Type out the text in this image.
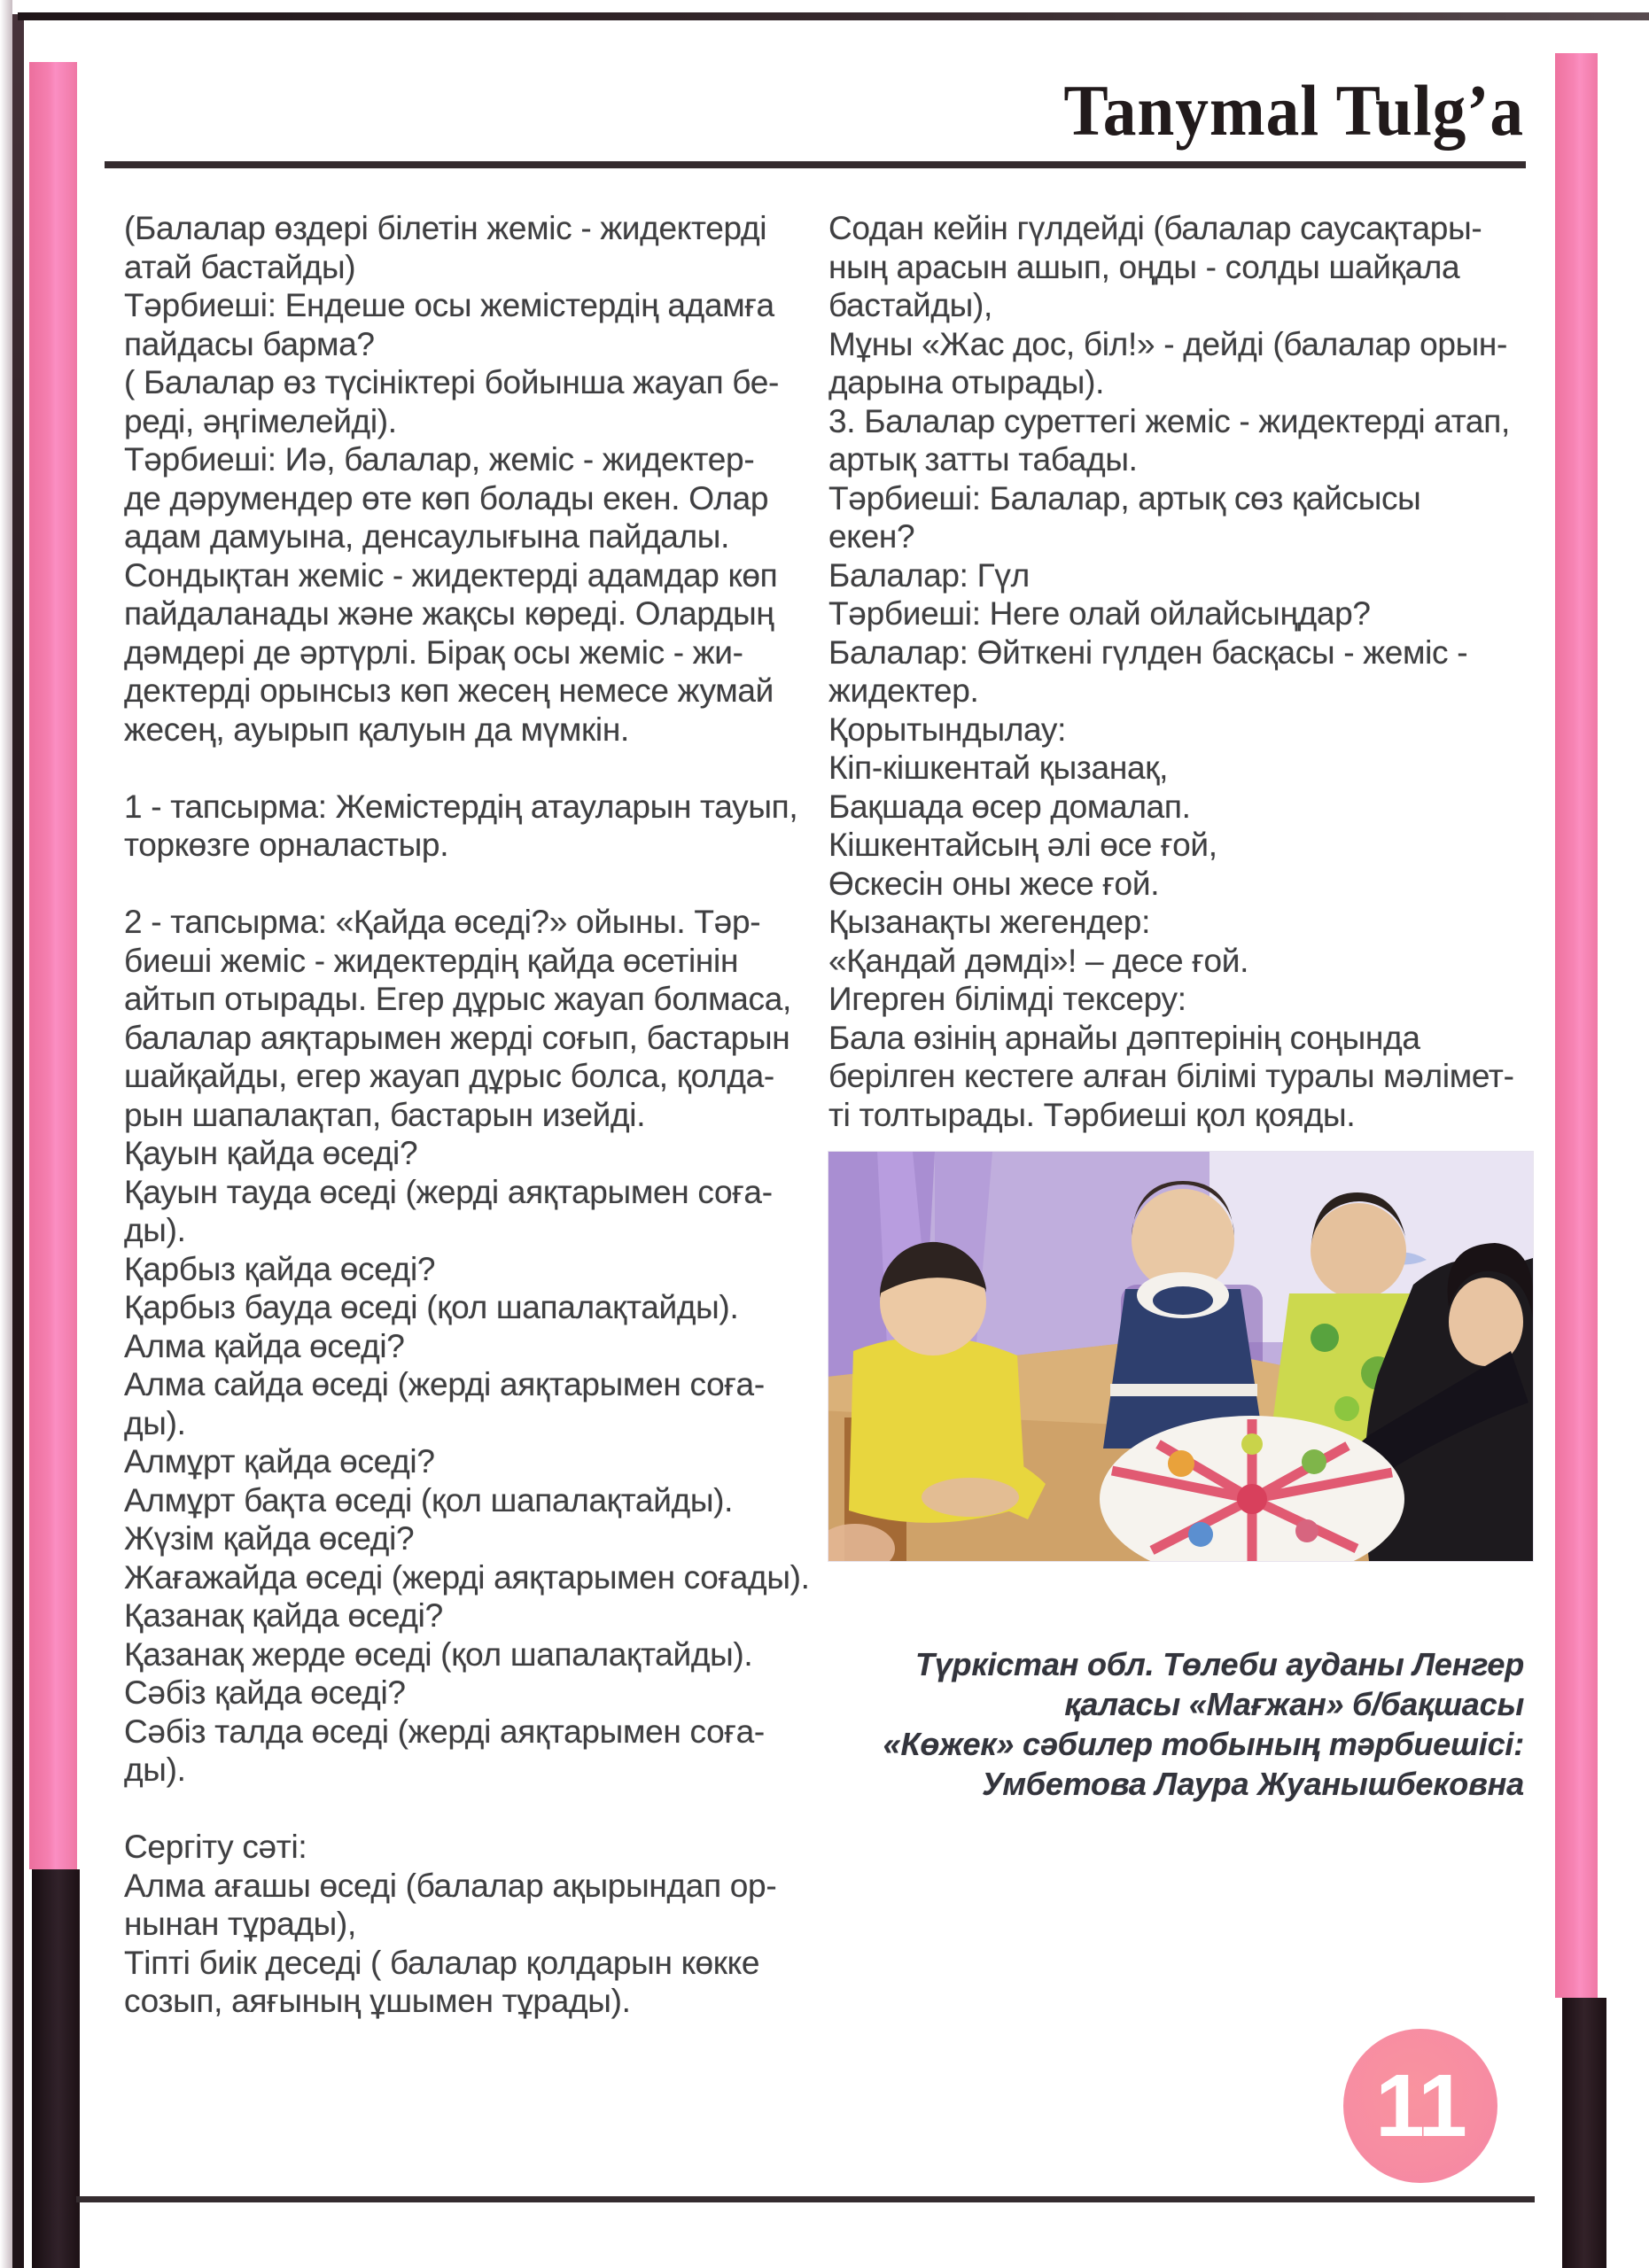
Tanymal Tulg’a
(Балалар өздері білетін жеміс - жидектерді
атай бастайды)
Тәрбиеші: Ендеше осы жемістердің адамға
пайдасы барма?
( Балалар өз түсініктері бойынша жауап бе-
реді, әңгімелейді).
Тәрбиеші: Иә, балалар, жеміс - жидектер-
де дәрумендер өте көп болады екен. Олар
адам дамуына, денсаулығына пайдалы.
Сондықтан жеміс - жидектерді адамдар көп
пайдаланады және жақсы көреді. Олардың
дәмдері де әртүрлі. Бірақ осы жеміс - жи-
дектерді орынсыз көп жесең немесе жумай
жесең, ауырып қалуын да мүмкін.

1 - тапсырма: Жемістердің атауларын тауып,
торкөзге орналастыр.

2 - тапсырма: «Қайда өседі?» ойыны. Тәр-
биеші жеміс - жидектердің қайда өсетінін
айтып отырады. Егер дұрыс жауап болмаса,
балалар аяқтарымен жерді соғып, бастарын
шайқайды, егер жауап дұрыс болса, қолда-
рын шапалақтап, бастарын изейді.
Қауын қайда өседі?
Қауын тауда өседі (жерді аяқтарымен соға-
ды).
Қарбыз қайда өседі?
Қарбыз бауда өседі (қол шапалақтайды).
Алма қайда өседі?
Алма сайда өседі (жерді аяқтарымен соға-
ды).
Алмұрт қайда өседі?
Алмұрт бақта өседі (қол шапалақтайды).
Жүзім қайда өседі?
Жағажайда өседі (жерді аяқтарымен соғады).
Қазанақ қайда өседі?
Қазанақ жерде өседі (қол шапалақтайды).
Сәбіз қайда өседі?
Сәбіз талда өседі (жерді аяқтарымен соға-
ды).

Сергіту сәті:
Алма ағашы өседі (балалар ақырындап ор-
нынан тұрады),
Тіпті биік деседі ( балалар қолдарын көкке
созып, аяғының ұшымен тұрады).
Содан кейін гүлдейді (балалар саусақтары-
ның арасын ашып, оңды - солды шайқала
бастайды),
Мұны «Жас дос, біл!» - дейді (балалар орын-
дарына отырады).
3. Балалар суреттегі жеміс - жидектерді атап,
артық затты табады.
Тәрбиеші: Балалар, артық сөз қайсысы
екен?
Балалар: Гүл
Тәрбиеші: Неге олай ойлайсыңдар?
Балалар: Өйткені гүлден басқасы - жеміс -
жидектер.
Қорытындылау:
Кіп-кішкентай қызанақ,
Бақшада өсер домалап.
Кішкентайсың әлі өсе ғой,
Өскесін оны жесе ғой.
Қызанақты жегендер:
«Қандай дәмді»! – десе ғой.
Игерген білімді тексеру:
Бала өзінің арнайы дәптерінің соңында
берілген кестеге алған білімі туралы мәлімет-
ті толтырады. Тәрбиеші қол қояды.
Түркістан обл. Төлеби ауданы Ленгер
қаласы «Мағжан» б/бақшасы
«Көжек» сәбилер тобының тәрбиешісі:
Умбетова Лаура Жуанышбековна
11
